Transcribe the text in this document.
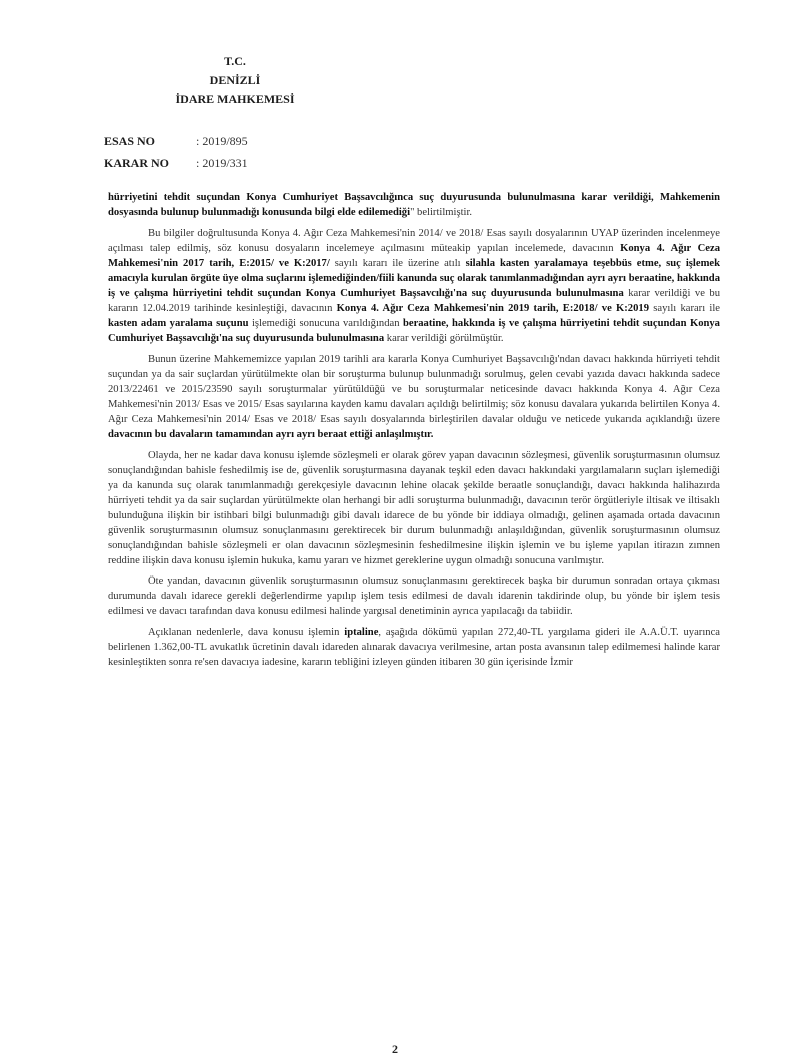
T.C.
DENİZLİ
İDARE MAHKEMESİ
ESAS NO	: 2019/895
KARAR NO : 2019/331

hürriyetini tehdit suçundan Konya Cumhuriyet Başsavcılığınca suç duyurusunda bulunulmasına karar verildiği, Mahkemenin dosyasında bulunup bulunmadığı konusunda bilgi elde edilemediği" belirtilmiştir.

Bu bilgiler doğrultusunda Konya 4. Ağır Ceza Mahkemesi'nin 2014/ ve 2018/ Esas sayılı dosyalarının UYAP üzerinden incelenmeye açılması talep edilmiş, söz konusu dosyaların incelemeye açılmasını müteakip yapılan incelemede, davacının Konya 4. Ağır Ceza Mahkemesi'nin 2017 tarih, E:2015/ ve K:2017/ sayılı kararı ile üzerine atılı silahla kasten yaralamaya teşebbüs etme, suç işlemek amacıyla kurulan örgüte üye olma suçlarını işlemediğinden/fiili kanunda suç olarak tanımlanmadığından ayrı ayrı beraatine, hakkında iş ve çalışma hürriyetini tehdit suçundan Konya Cumhuriyet Başsavcılığı'na suç duyurusunda bulunulmasına karar verildiği ve bu kararın 12.04.2019 tarihinde kesinleştiği, davacının Konya 4. Ağır Ceza Mahkemesi'nin 2019 tarih, E:2018/ ve K:2019 sayılı kararı ile kasten adam yaralama suçunu işlemediği sonucuna varıldığından beraatine, hakkında iş ve çalışma hürriyetini tehdit suçundan Konya Cumhuriyet Başsavcılığı'na suç duyurusunda bulunulmasına karar verildiği görülmüştür.

Bunun üzerine Mahkememizce yapılan 2019 tarihli ara kararla Konya Cumhuriyet Başsavcılığı'ndan davacı hakkında hürriyeti tehdit suçundan ya da sair suçlardan yürütülmekte olan bir soruşturma bulunup bulunmadığı sorulmuş, gelen cevabi yazıda davacı hakkında sadece 2013/22461 ve 2015/23590 sayılı soruşturmalar yürütüldüğü ve bu soruşturmalar neticesinde davacı hakkında Konya 4. Ağır Ceza Mahkemesi'nin 2013/ Esas ve 2015/ Esas sayılarına kayden kamu davaları açıldığı belirtilmiş; söz konusu davalara yukarıda belirtilen Konya 4. Ağır Ceza Mahkemesi'nin 2014/ Esas ve 2018/ Esas sayılı dosyalarında birleştirilen davalar olduğu ve neticede yukarıda açıklandığı üzere davacının bu davaların tamamından ayrı ayrı beraat ettiği anlaşılmıştır.

Olayda, her ne kadar dava konusu işlemde sözleşmeli er olarak görev yapan davacının sözleşmesi, güvenlik soruşturmasının olumsuz sonuçlandığından bahisle feshedilmiş ise de, güvenlik soruşturmasına dayanak teşkil eden davacı hakkındaki yargılamaların suçları işlemediği ya da kanunda suç olarak tanımlanmadığı gerekçesiyle davacının lehine olacak şekilde beraatle sonuçlandığı, davacı hakkında halihazırda hürriyeti tehdit ya da sair suçlardan yürütülmekte olan herhangi bir adli soruşturma bulunmadığı, davacının terör örgütleriyle iltisak ve iltisaklı bulunduğuna ilişkin bir istihbari bilgi bulunmadığı gibi davalı idarece de bu yönde bir iddiaya olmadığı, gelinen aşamada ortada davacının güvenlik soruşturmasının olumsuz sonuçlanmasını gerektirecek bir durum bulunmadığı anlaşıldığından, güvenlik soruşturmasının olumsuz sonuçlandığından bahisle sözleşmeli er olan davacının sözleşmesinin feshedilmesine ilişkin işlemin ve bu işleme yapılan itirazın zımnen reddine ilişkin dava konusu işlemin hukuka, kamu yararı ve hizmet gereklerine uygun olmadığı sonucuna varılmıştır.

Öte yandan, davacının güvenlik soruşturmasının olumsuz sonuçlanmasını gerektirecek başka bir durumun sonradan ortaya çıkması durumunda davalı idarece gerekli değerlendirme yapılıp işlem tesis edilmesi de davalı idarenin takdirinde olup, bu yönde bir işlem tesis edilmesi ve davacı tarafından dava konusu edilmesi halinde yargısal denetiminin ayrıca yapılacağı da tabiidir.

Açıklanan nedenlerle, dava konusu işlemin iptaline, aşağıda dökümü yapılan 272,40-TL yargılama gideri ile A.A.Ü.T. uyarınca belirlenen 1.362,00-TL avukatlık ücretinin davalı idareden alınarak davacıya verilmesine, artan posta avansının talep edilmemesi halinde karar kesinleştikten sonra re'sen davacıya iadesine, kararın tebliğini izleyen günden itibaren 30 gün içerisinde İzmir

2
